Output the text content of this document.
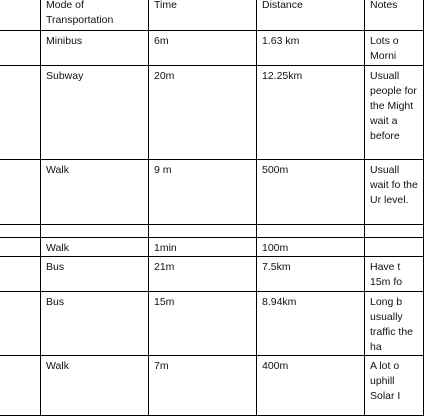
	Mode of Transportation	Time	Distance	Notes
	Minibus	6m	1.63 km	Lots o Morni
	Subway	20m	12.25km	Usuall people for the Might wait a before
	Walk	9 m	500m	Usuall wait fo the Ur level.

	Walk	1min	100m	
	Bus	21m	7.5km	Have t 15m fo
	Bus	15m	8.94km	Long b usually traffic the ha
	Walk	7m	400m	A lot o uphill Solar I
